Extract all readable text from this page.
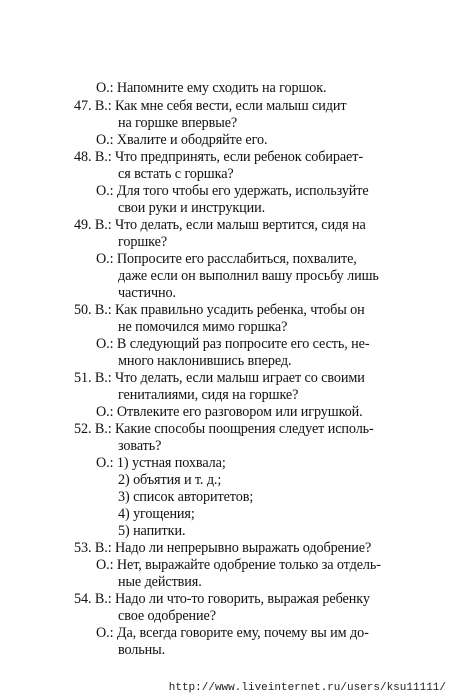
О.: Напомните ему сходить на горшок.
47. В.: Как мне себя вести, если малыш сидит
на горшке впервые?
О.: Хвалите и ободряйте его.
48. В.: Что предпринять, если ребенок собирает-
ся встать с горшка?
О.: Для того чтобы его удержать, используйте
свои руки и инструкции.
49. В.: Что делать, если малыш вертится, сидя на
горшке?
О.: Попросите его расслабиться, похвалите,
даже если он выполнил вашу просьбу лишь
частично.
50. В.: Как правильно усадить ребенка, чтобы он
не помочился мимо горшка?
О.: В следующий раз попросите его сесть, не-
много наклонившись вперед.
51. В.: Что делать, если малыш играет со своими
гениталиями, сидя на горшке?
О.: Отвлеките его разговором или игрушкой.
52. В.: Какие способы поощрения следует исполь-
зовать?
О.: 1) устная похвала;
2) объятия и т. д.;
3) список авторитетов;
4) угощения;
5) напитки.
53. В.: Надо ли непрерывно выражать одобрение?
О.: Нет, выражайте одобрение только за отдель-
ные действия.
54. В.: Надо ли что-то говорить, выражая ребенку
свое одобрение?
О.: Да, всегда говорите ему, почему вы им до-
вольны.
http://www.liveinternet.ru/users/ksu11111/
